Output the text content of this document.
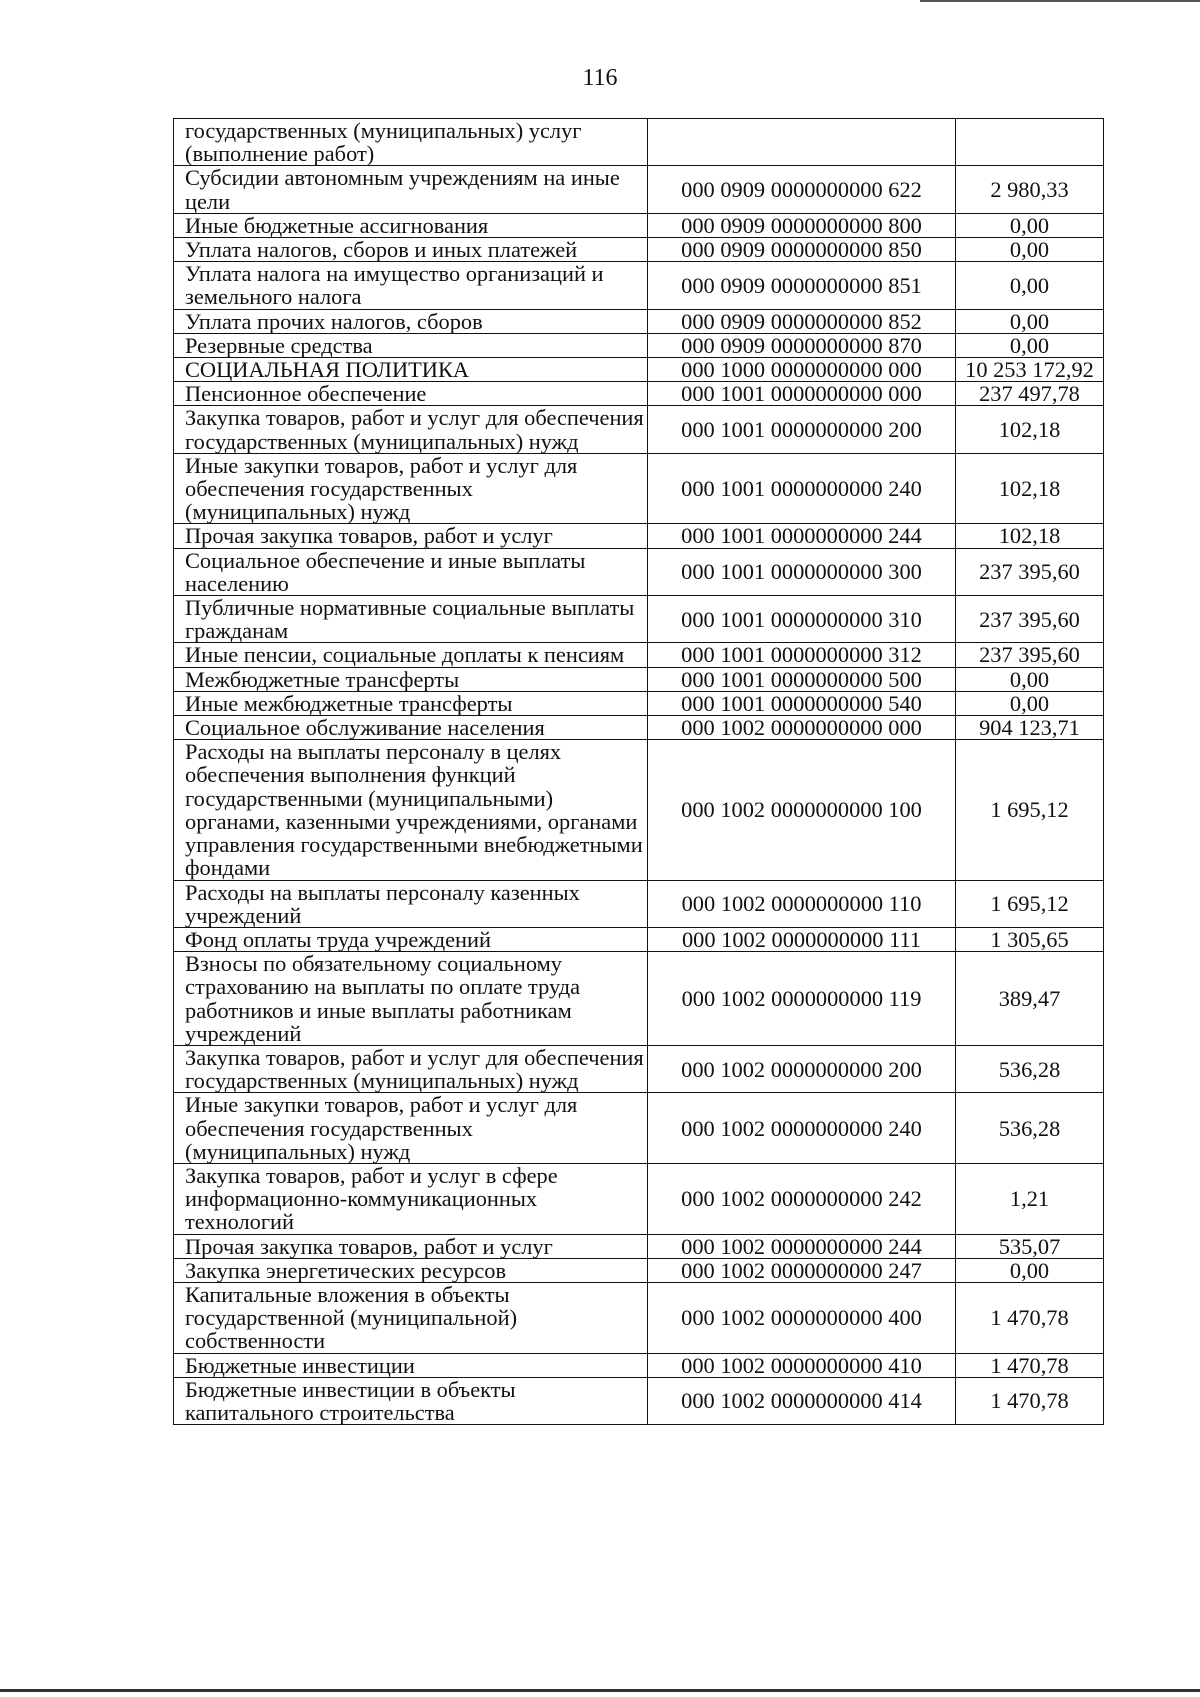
116
государственных (муниципальных) услуг (выполнение работ)		
Субсидии автономным учреждениям на иные цели	000 0909 0000000000 622	2 980,33
Иные бюджетные ассигнования	000 0909 0000000000 800	0,00
Уплата налогов, сборов и иных платежей	000 0909 0000000000 850	0,00
Уплата налога на имущество организаций и земельного налога	000 0909 0000000000 851	0,00
Уплата прочих налогов, сборов	000 0909 0000000000 852	0,00
Резервные средства	000 0909 0000000000 870	0,00
СОЦИАЛЬНАЯ ПОЛИТИКА	000 1000 0000000000 000	10 253 172,92
Пенсионное обеспечение	000 1001 0000000000 000	237 497,78
Закупка товаров, работ и услуг для обеспечения государственных (муниципальных) нужд	000 1001 0000000000 200	102,18
Иные закупки товаров, работ и услуг для обеспечения государственных (муниципальных) нужд	000 1001 0000000000 240	102,18
Прочая закупка товаров, работ и услуг	000 1001 0000000000 244	102,18
Социальное обеспечение и иные выплаты населению	000 1001 0000000000 300	237 395,60
Публичные нормативные социальные выплаты гражданам	000 1001 0000000000 310	237 395,60
Иные пенсии, социальные доплаты к пенсиям	000 1001 0000000000 312	237 395,60
Межбюджетные трансферты	000 1001 0000000000 500	0,00
Иные межбюджетные трансферты	000 1001 0000000000 540	0,00
Социальное обслуживание населения	000 1002 0000000000 000	904 123,71
Расходы на выплаты персоналу в целях обеспечения выполнения функций государственными (муниципальными) органами, казенными учреждениями, органами управления государственными внебюджетными фондами	000 1002 0000000000 100	1 695,12
Расходы на выплаты персоналу казенных учреждений	000 1002 0000000000 110	1 695,12
Фонд оплаты труда учреждений	000 1002 0000000000 111	1 305,65
Взносы по обязательному социальному страхованию на выплаты по оплате труда работников и иные выплаты работникам учреждений	000 1002 0000000000 119	389,47
Закупка товаров, работ и услуг для обеспечения государственных (муниципальных) нужд	000 1002 0000000000 200	536,28
Иные закупки товаров, работ и услуг для обеспечения государственных (муниципальных) нужд	000 1002 0000000000 240	536,28
Закупка товаров, работ и услуг в сфере информационно-коммуникационных технологий	000 1002 0000000000 242	1,21
Прочая закупка товаров, работ и услуг	000 1002 0000000000 244	535,07
Закупка энергетических ресурсов	000 1002 0000000000 247	0,00
Капитальные вложения в объекты государственной (муниципальной) собственности	000 1002 0000000000 400	1 470,78
Бюджетные инвестиции	000 1002 0000000000 410	1 470,78
Бюджетные инвестиции в объекты капитального строительства	000 1002 0000000000 414	1 470,78
